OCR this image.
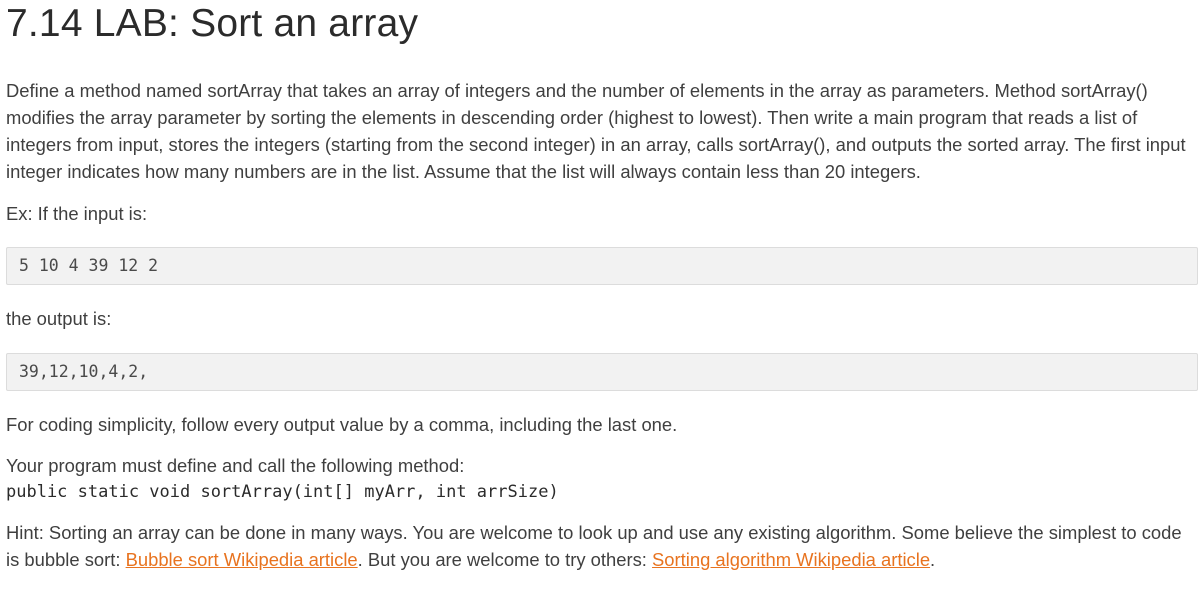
7.14 LAB: Sort an array

Define a method named sortArray that takes an array of integers and the number of elements in the array as parameters. Method sortArray() modifies the array parameter by sorting the elements in descending order (highest to lowest). Then write a main program that reads a list of integers from input, stores the integers (starting from the second integer) in an array, calls sortArray(), and outputs the sorted array. The first input integer indicates how many numbers are in the list. Assume that the list will always contain less than 20 integers.

Ex: If the input is:

5 10 4 39 12 2

the output is:

39,12,10,4,2,

For coding simplicity, follow every output value by a comma, including the last one.

Your program must define and call the following method:

public static void sortArray(int[] myArr, int arrSize)

Hint: Sorting an array can be done in many ways. You are welcome to look up and use any existing algorithm. Some believe the simplest to code is bubble sort: Bubble sort Wikipedia article. But you are welcome to try others: Sorting algorithm Wikipedia article.
